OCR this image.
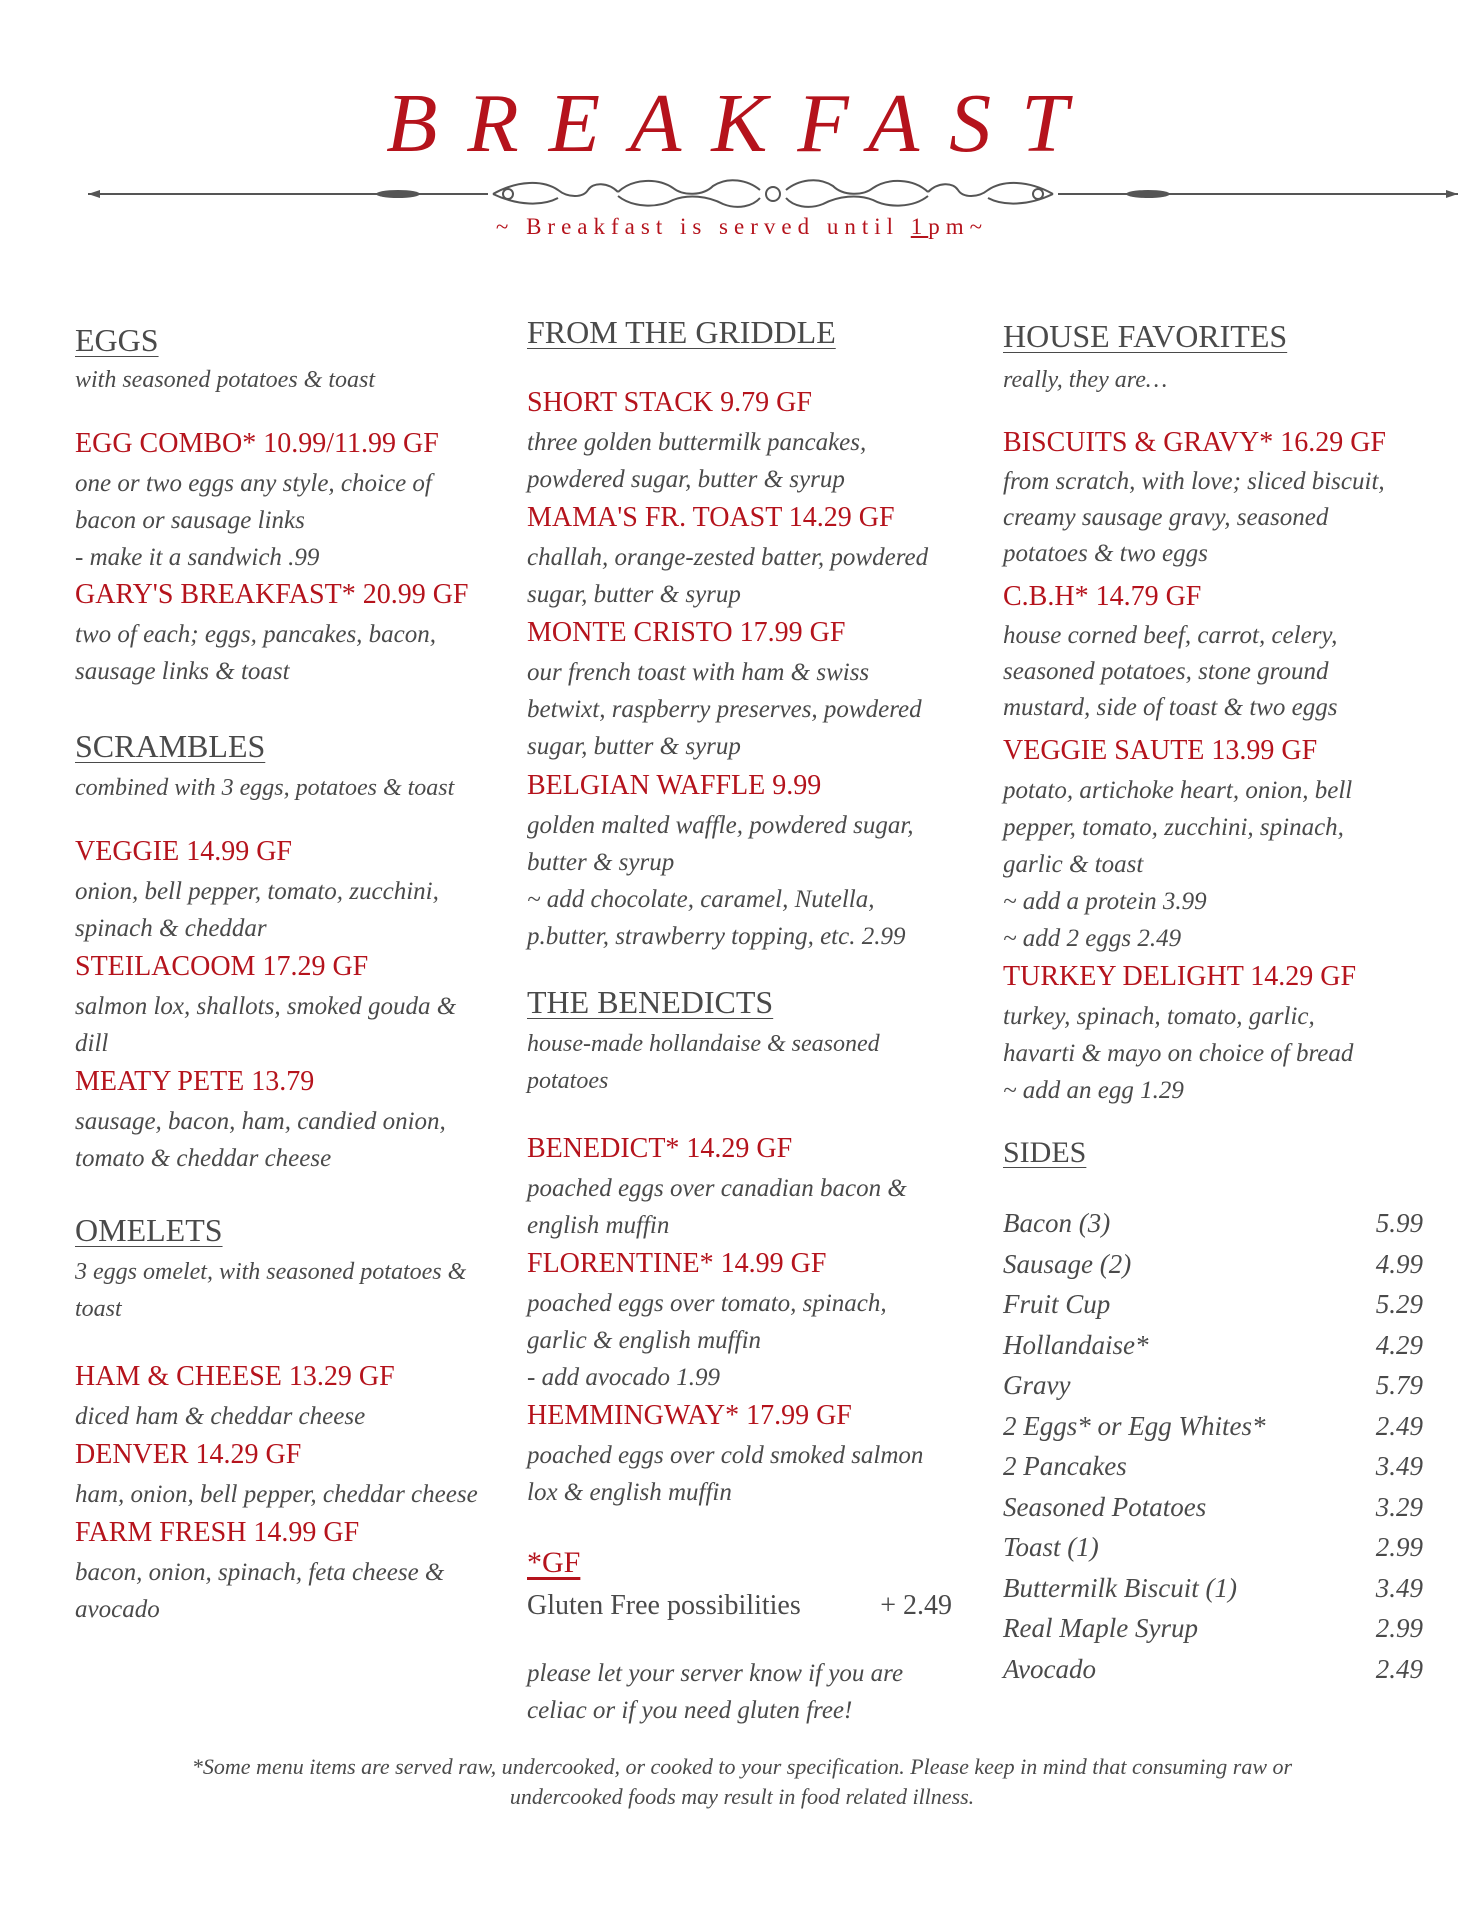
BREAKFAST
~ Breakfast is served until 1pm~
EGGS
with seasoned potatoes & toast
EGG COMBO* 10.99/11.99 GF
one or two eggs any style, choice of
bacon or sausage links
- make it a sandwich .99
GARY'S BREAKFAST* 20.99 GF
two of each; eggs, pancakes, bacon,
sausage links & toast
SCRAMBLES
combined with 3 eggs, potatoes & toast
VEGGIE 14.99 GF
onion, bell pepper, tomato, zucchini,
spinach & cheddar
STEILACOOM 17.29 GF
salmon lox, shallots, smoked gouda &
dill
MEATY PETE 13.79
sausage, bacon, ham, candied onion,
tomato & cheddar cheese
OMELETS
3 eggs omelet, with seasoned potatoes &
toast
HAM & CHEESE 13.29 GF
diced ham & cheddar cheese
DENVER 14.29 GF
ham, onion, bell pepper, cheddar cheese
FARM FRESH 14.99 GF
bacon, onion, spinach, feta cheese &
avocado
FROM THE GRIDDLE
SHORT STACK 9.79 GF
three golden buttermilk pancakes,
powdered sugar, butter & syrup
MAMA'S FR. TOAST 14.29 GF
challah, orange-zested batter, powdered
sugar, butter & syrup
MONTE CRISTO 17.99 GF
our french toast with ham & swiss
betwixt, raspberry preserves, powdered
sugar, butter & syrup
BELGIAN WAFFLE 9.99
golden malted waffle, powdered sugar,
butter & syrup
~ add chocolate, caramel, Nutella,
p.butter, strawberry topping, etc. 2.99
THE BENEDICTS
house-made hollandaise & seasoned
potatoes
BENEDICT* 14.29 GF
poached eggs over canadian bacon &
english muffin
FLORENTINE* 14.99 GF
poached eggs over tomato, spinach,
garlic & english muffin
- add avocado 1.99
HEMMINGWAY* 17.99 GF
poached eggs over cold smoked salmon
lox & english muffin
*GF
Gluten Free possibilities	+ 2.49
please let your server know if you are
celiac or if you need gluten free!
HOUSE FAVORITES
really, they are…
BISCUITS & GRAVY* 16.29 GF
from scratch, with love; sliced biscuit,
creamy sausage gravy, seasoned
potatoes & two eggs
C.B.H* 14.79 GF
house corned beef, carrot, celery,
seasoned potatoes, stone ground
mustard, side of toast & two eggs
VEGGIE SAUTE 13.99 GF
potato, artichoke heart, onion, bell
pepper, tomato, zucchini, spinach,
garlic & toast
~ add a protein 3.99
~ add 2 eggs 2.49
TURKEY DELIGHT 14.29 GF
turkey, spinach, tomato, garlic,
havarti & mayo on choice of bread
~ add an egg 1.29
SIDES
Bacon (3)	5.99
Sausage (2)	4.99
Fruit Cup	5.29
Hollandaise*	4.29
Gravy	5.79
2 Eggs* or Egg Whites*	2.49
2 Pancakes	3.49
Seasoned Potatoes	3.29
Toast (1)	2.99
Buttermilk Biscuit (1)	3.49
Real Maple Syrup	2.99
Avocado	2.49
*Some menu items are served raw, undercooked, or cooked to your specification. Please keep in mind that consuming raw or
undercooked foods may result in food related illness.
